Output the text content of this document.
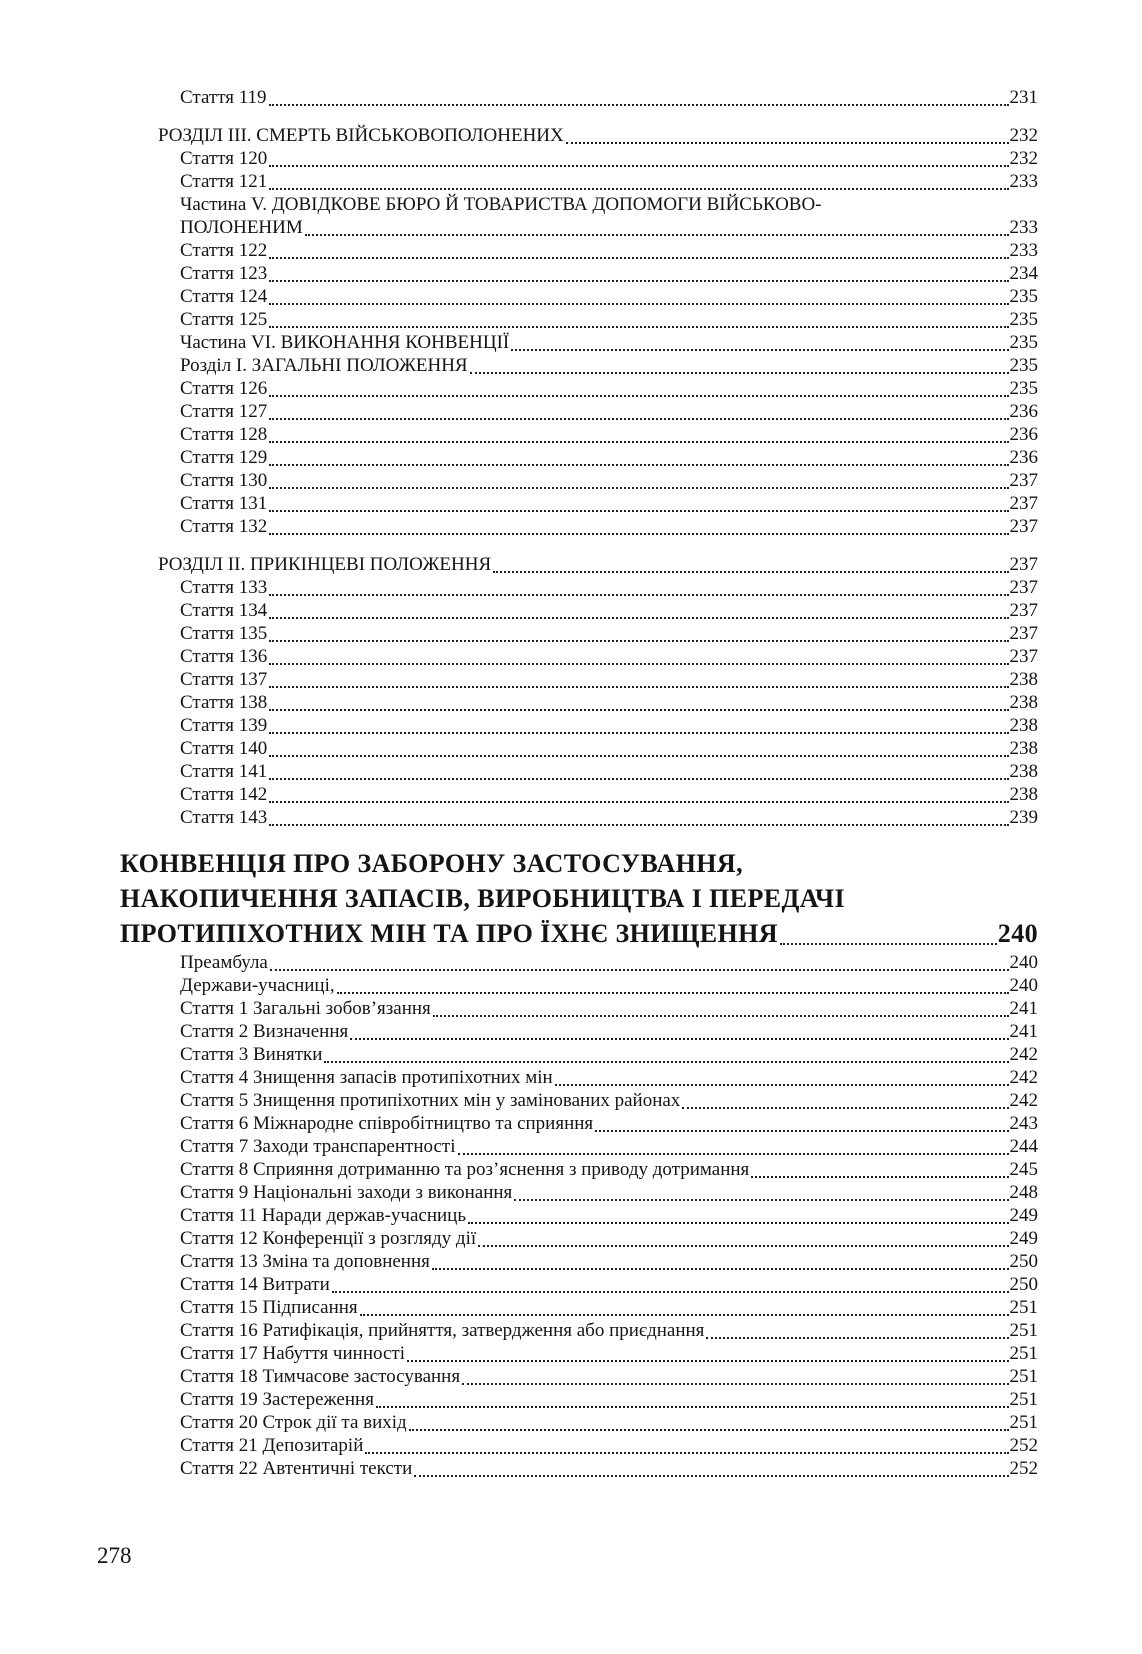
Стаття 119	231
РОЗДІЛ III. СМЕРТЬ ВІЙСЬКОВОПОЛОНЕНИХ	232
Стаття 120	232
Стаття 121	233
Частина V. ДОВІДКОВЕ БЮРО Й ТОВАРИСТВА ДОПОМОГИ ВІЙСЬКОВО-
ПОЛОНЕНИМ	233
Стаття 122	233
Стаття 123	234
Стаття 124	235
Стаття 125	235
Частина VI. ВИКОНАННЯ КОНВЕНЦІЇ	235
Розділ I. ЗАГАЛЬНІ ПОЛОЖЕННЯ	235
Стаття 126	235
Стаття 127	236
Стаття 128	236
Стаття 129	236
Стаття 130	237
Стаття 131	237
Стаття 132	237
РОЗДІЛ II. ПРИКІНЦЕВІ ПОЛОЖЕННЯ	237
Стаття 133	237
Стаття 134	237
Стаття 135	237
Стаття 136	237
Стаття 137	238
Стаття 138	238
Стаття 139	238
Стаття 140	238
Стаття 141	238
Стаття 142	238
Стаття 143	239
КОНВЕНЦІЯ ПРО ЗАБОРОНУ ЗАСТОСУВАННЯ,
НАКОПИЧЕННЯ ЗАПАСІВ, ВИРОБНИЦТВА І ПЕРЕДАЧІ
ПРОТИПІХОТНИХ МІН ТА ПРО ЇХНЄ ЗНИЩЕННЯ	240
Преамбула	240
Держави-учасниці,	240
Стаття 1 Загальні зобов’язання	241
Стаття 2 Визначення	241
Стаття 3 Винятки	242
Стаття 4 Знищення запасів протипіхотних мін	242
Стаття 5 Знищення протипіхотних мін у замінованих районах	242
Стаття 6 Міжнародне співробітництво та сприяння	243
Стаття 7 Заходи транспарентності	244
Стаття 8 Сприяння дотриманню та роз’яснення з приводу дотримання	245
Стаття 9 Національні заходи з виконання	248
Стаття 11 Наради держав-учасниць	249
Стаття 12 Конференції з розгляду дії	249
Стаття 13 Зміна та доповнення	250
Стаття 14 Витрати	250
Стаття 15 Підписання	251
Стаття 16 Ратифікація, прийняття, затвердження або приєднання	251
Стаття 17 Набуття чинності	251
Стаття 18 Тимчасове застосування	251
Стаття 19 Застереження	251
Стаття 20 Строк дії та вихід	251
Стаття 21 Депозитарій	252
Стаття 22 Автентичні тексти	252
278
